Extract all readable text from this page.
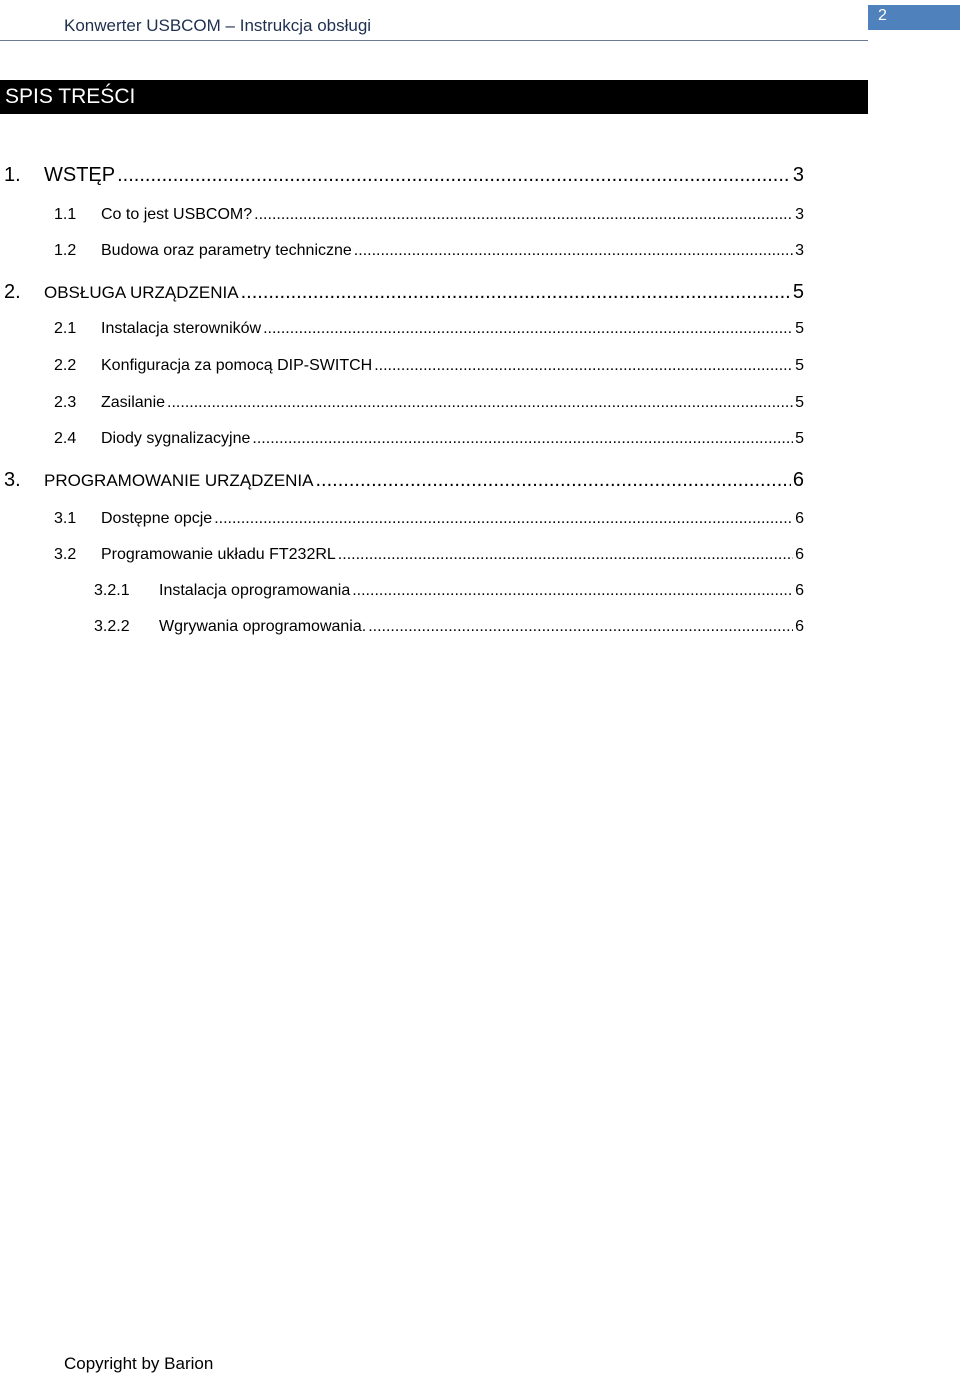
Konwerter USBCOM – Instrukcja obsługi
2
SPIS TREŚCI
1.	WSTĘP .....	3
1.1	Co to jest USBCOM? .....	3
1.2	Budowa oraz parametry techniczne .....	3
2.	OBSŁUGA URZĄDZENIA .....	5
2.1	Instalacja sterowników .....	5
2.2	Konfiguracja za pomocą DIP-SWITCH .....	5
2.3	Zasilanie .....	5
2.4	Diody sygnalizacyjne .....	5
3.	PROGRAMOWANIE URZĄDZENIA .....	6
3.1	Dostępne opcje .....	6
3.2	Programowanie układu FT232RL .....	6
3.2.1	Instalacja oprogramowania .....	6
3.2.2	Wgrywania oprogramowania. .....	6
Copyright by Barion
